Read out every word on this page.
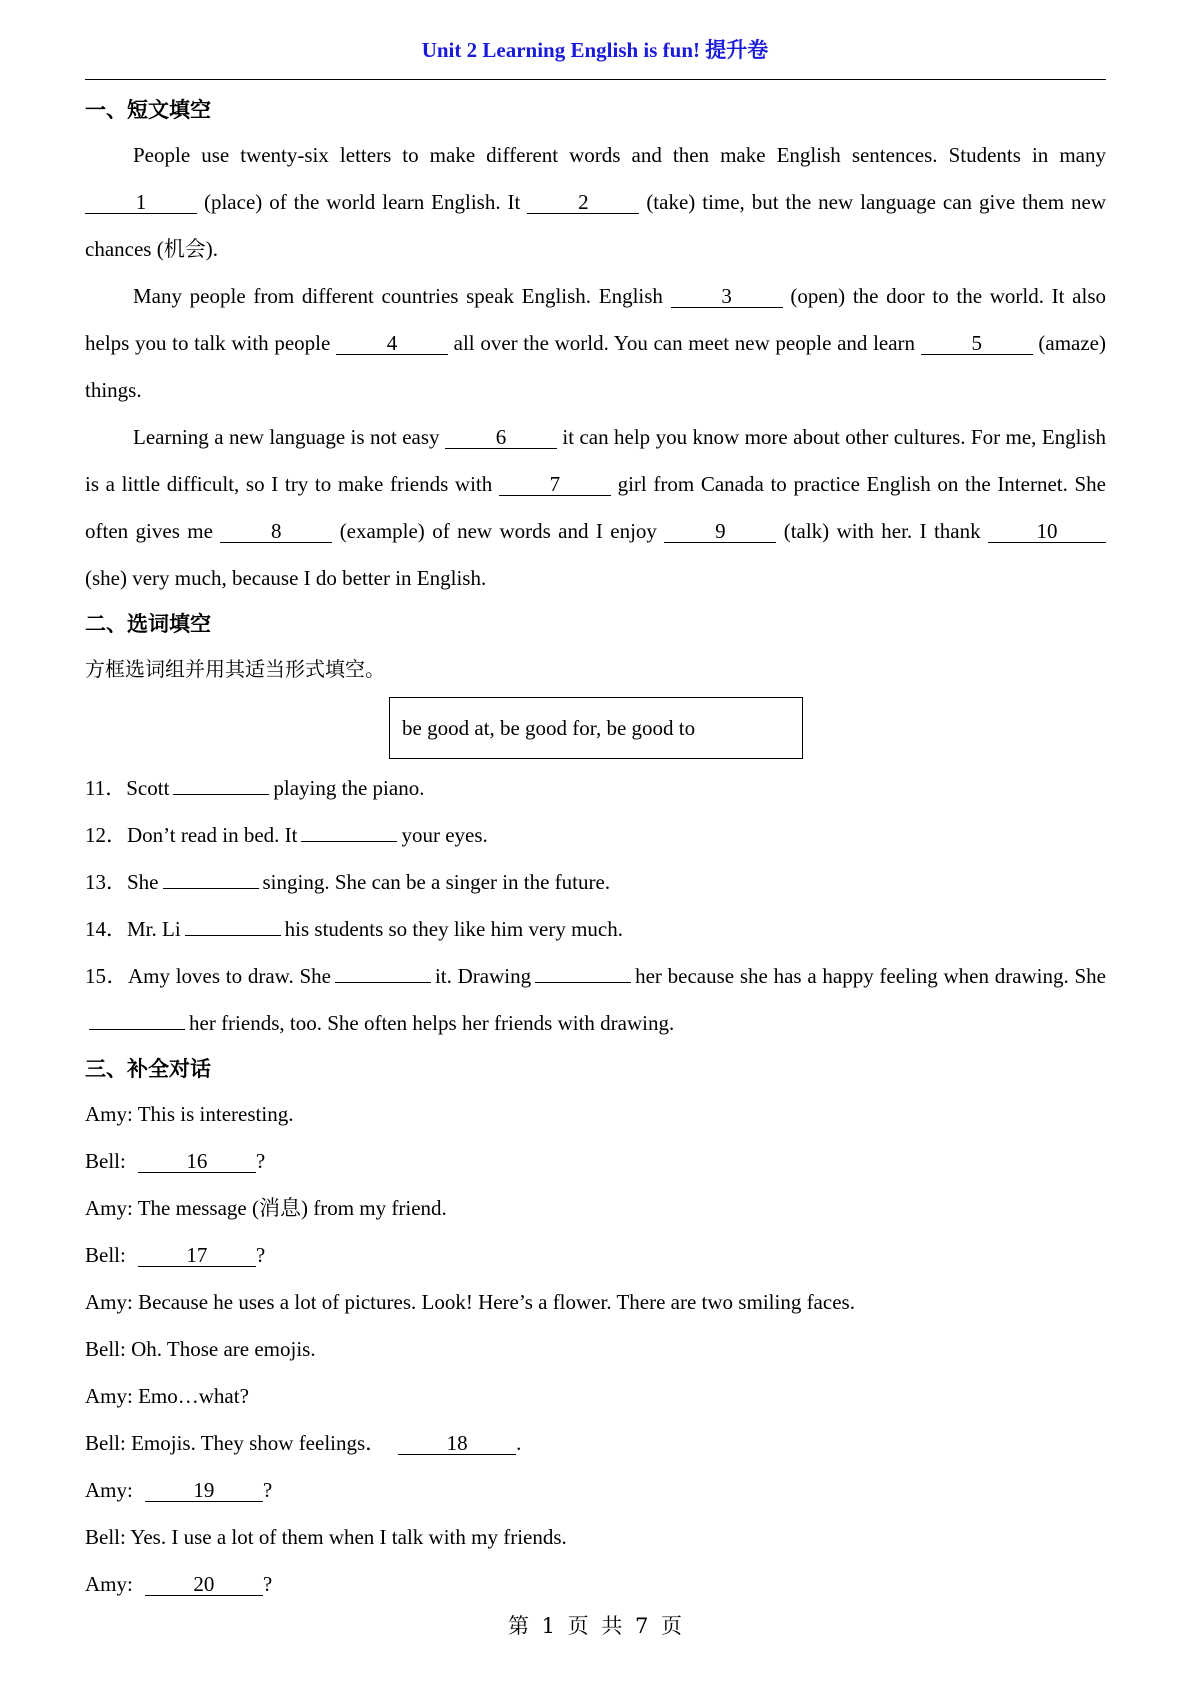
Unit 2 Learning English is fun! 提升卷
一、短文填空

People use twenty-six letters to make different words and then make English sentences. Students in many 1	(place) of the world learn English. It	2	(take) time, but the new language can give them new chances (机会).

Many people from different countries speak English. English	3	(open) the door to the world. It also helps you to talk with people	4	all over the world. You can meet new people and learn	5	(amaze) things.

Learning a new language is not easy	6	it can help you know more about other cultures. For me, English is a little difficult, so I try to make friends with	7	girl from Canada to practice English on the Internet. She often gives me	8	(example) of new words and I enjoy	9	(talk) with her. I thank	10 (she) very much, because I do better in English.

二、选词填空
方框选词组并用其适当形式填空。
be good at, be good for, be good to
11．Scott	playing the piano.
12．Don’t read in bed. It	your eyes.
13．She	singing. She can be a singer in the future.
14．Mr. Li	his students so they like him very much.

15．Amy loves to draw. She	it. Drawing	her because she has a happy feeling when drawing. Sheher friends, too. She often helps her friends with drawing.

三、补全对话
Amy: This is interesting.
Bell:	16 ?
Amy: The message (消息) from my friend.
Bell:	17 ?
Amy: Because he uses a lot of pictures. Look! Here’s a flower. There are two smiling faces.
Bell: Oh. Those are emojis.
Amy: Emo…what?
Bell: Emojis. They show feelings．	18 .
Amy:	19 ?
Bell: Yes. I use a lot of them when I talk with my friends.
Amy:	20 ?
第 1 页 共 7 页
